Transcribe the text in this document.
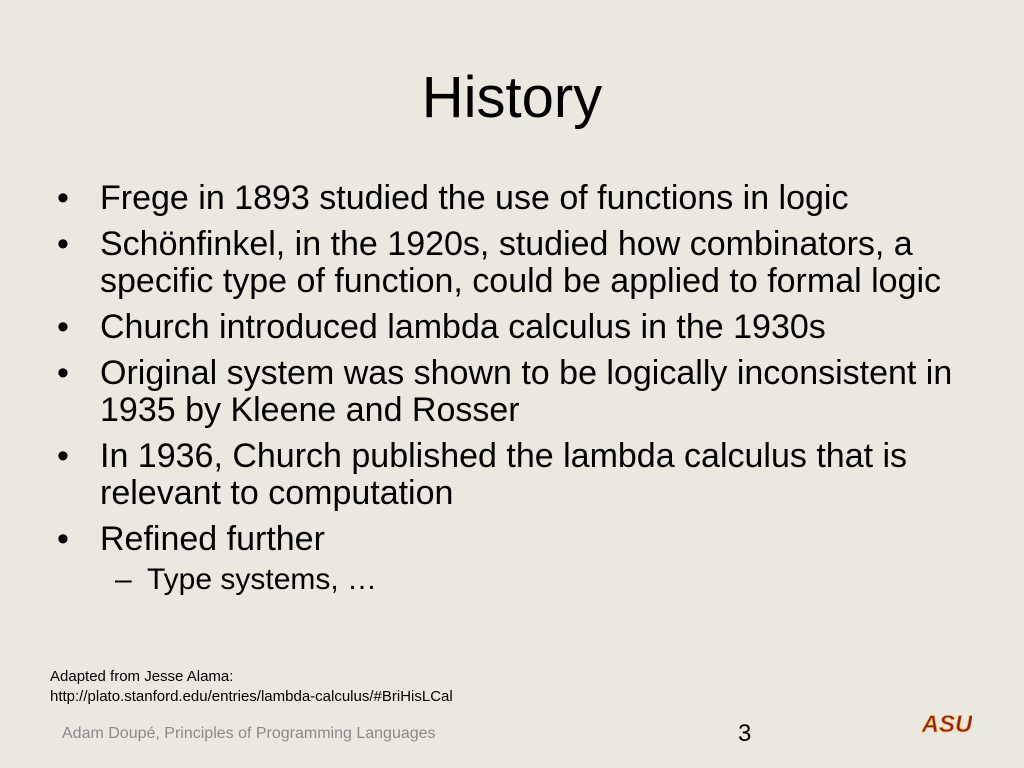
History
• Frege in 1893 studied the use of functions in logic
• Schönfinkel, in the 1920s, studied how combinators, a specific type of function, could be applied to formal logic
• Church introduced lambda calculus in the 1930s
• Original system was shown to be logically inconsistent in 1935 by Kleene and Rosser
• In 1936, Church published the lambda calculus that is relevant to computation
• Refined further
– Type systems, …
Adapted from Jesse Alama:
http://plato.stanford.edu/entries/lambda-calculus/#BriHisLCal
Adam Doupé, Principles of Programming Languages	3	ASU
